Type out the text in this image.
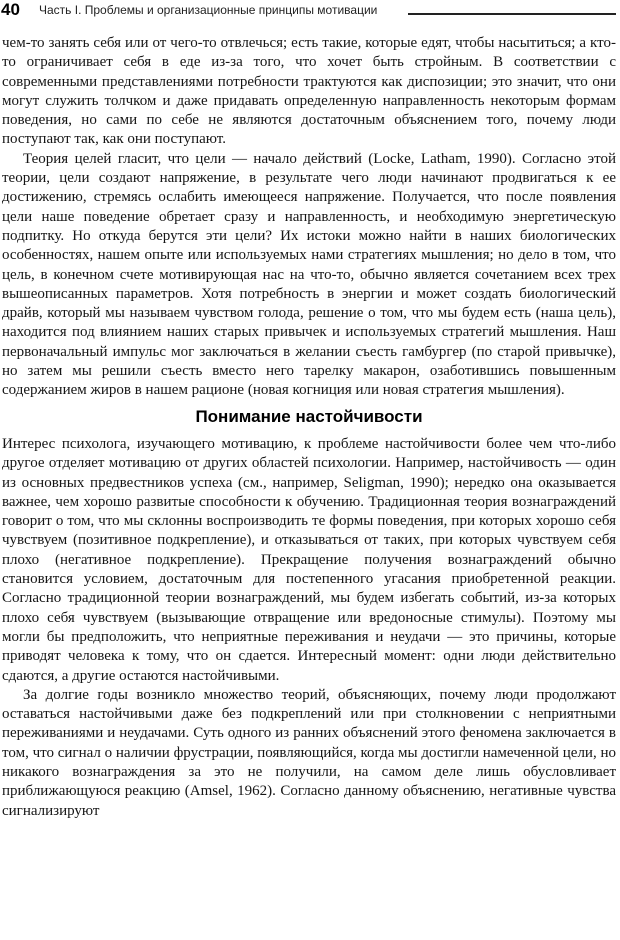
40 Часть I. Проблемы и организационные принципы мотивации

чем-то занять себя или от чего-то отвлечься; есть такие, которые едят, чтобы насытиться; а кто-то ограничивает себя в еде из-за того, что хочет быть стройным. В соответствии с современными представлениями потребности трактуются как диспозиции; это значит, что они могут служить толчком и даже придавать определенную направленность некоторым формам поведения, но сами по себе не являются достаточным объяснением того, почему люди поступают так, как они поступают.

Теория целей гласит, что цели — начало действий (Locke, Latham, 1990). Согласно этой теории, цели создают напряжение, в результате чего люди начинают продвигаться к ее достижению, стремясь ослабить имеющееся напряжение. Получается, что после появления цели наше поведение обретает сразу и направленность, и необходимую энергетическую подпитку. Но откуда берутся эти цели? Их истоки можно найти в наших биологических особенностях, нашем опыте или используемых нами стратегиях мышления; но дело в том, что цель, в конечном счете мотивирующая нас на что-то, обычно является сочетанием всех трех вышеописанных параметров. Хотя потребность в энергии и может создать биологический драйв, который мы называем чувством голода, решение о том, что мы будем есть (наша цель), находится под влиянием наших старых привычек и используемых стратегий мышления. Наш первоначальный импульс мог заключаться в желании съесть гамбургер (по старой привычке), но затем мы решили съесть вместо него тарелку макарон, озаботившись повышенным содержанием жиров в нашем рационе (новая когниция или новая стратегия мышления).

Понимание настойчивости

Интерес психолога, изучающего мотивацию, к проблеме настойчивости более чем что-либо другое отделяет мотивацию от других областей психологии. Например, настойчивость — один из основных предвестников успеха (см., например, Seligman, 1990); нередко она оказывается важнее, чем хорошо развитые способности к обучению. Традиционная теория вознаграждений говорит о том, что мы склонны воспроизводить те формы поведения, при которых хорошо себя чувствуем (позитивное подкрепление), и отказываться от таких, при которых чувствуем себя плохо (негативное подкрепление). Прекращение получения вознаграждений обычно становится условием, достаточным для постепенного угасания приобретенной реакции. Согласно традиционной теории вознаграждений, мы будем избегать событий, из-за которых плохо себя чувствуем (вызывающие отвращение или вредоносные стимулы). Поэтому мы могли бы предположить, что неприятные переживания и неудачи — это причины, которые приводят человека к тому, что он сдается. Интересный момент: одни люди действительно сдаются, а другие остаются настойчивыми.

За долгие годы возникло множество теорий, объясняющих, почему люди продолжают оставаться настойчивыми даже без подкреплений или при столкновении с неприятными переживаниями и неудачами. Суть одного из ранних объяснений этого феномена заключается в том, что сигнал о наличии фрустрации, появляющийся, когда мы достигли намеченной цели, но никакого вознаграждения за это не получили, на самом деле лишь обусловливает приближающуюся реакцию (Amsel, 1962). Согласно данному объяснению, негативные чувства сигнализируют
